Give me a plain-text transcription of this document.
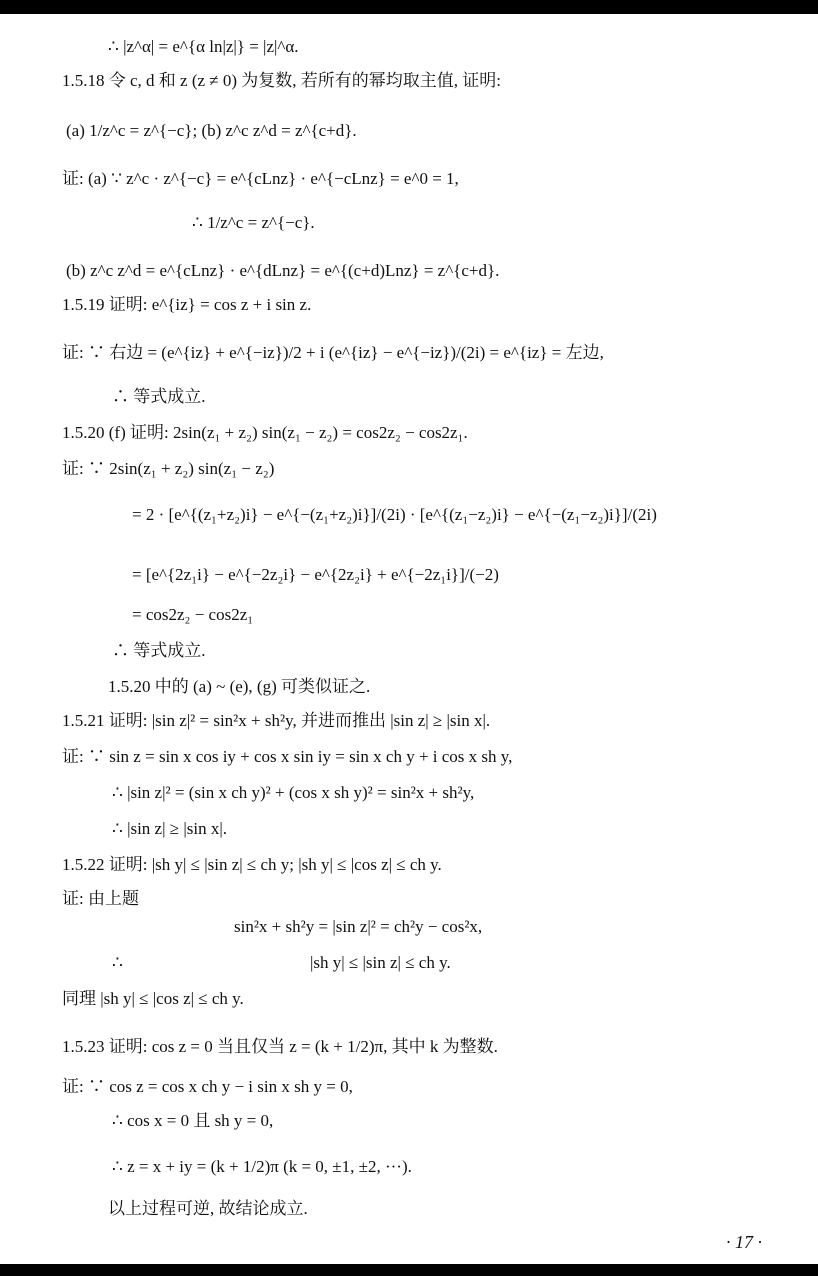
∴ |z^α| = e^{α ln|z|} = |z|^α.
1.5.18 令 c, d 和 z (z ≠ 0) 为复数, 若所有的幂均取主值, 证明:
(a) 1/z^c = z^{−c}; (b) z^c z^d = z^{c+d}.
证: (a) ∵ z^c · z^{−c} = e^{cLnz} · e^{−cLnz} = e^0 = 1,
∴ 1/z^c = z^{−c}.
(b) z^c z^d = e^{cLnz} · e^{dLnz} = e^{(c+d)Lnz} = z^{c+d}.
1.5.19 证明: e^{iz} = cos z + i sin z.
证: ∵ 右边 = (e^{iz} + e^{−iz})/2 + i (e^{iz} − e^{−iz})/(2i) = e^{iz} = 左边,
∴ 等式成立.
1.5.20 (f) 证明: 2sin(z₁ + z₂) sin(z₁ − z₂) = cos2z₂ − cos2z₁.
证: ∵ 2sin(z₁ + z₂) sin(z₁ − z₂)
= 2 · [e^{(z₁+z₂)i} − e^{−(z₁+z₂)i}]/(2i) · [e^{(z₁−z₂)i} − e^{−(z₁−z₂)i}]/(2i)
= [e^{2z₁i} − e^{−2z₂i} − e^{2z₂i} + e^{−2z₁i}]/(−2)
= cos2z₂ − cos2z₁
∴ 等式成立.
1.5.20 中的 (a) ~ (e), (g) 可类似证之.
1.5.21 证明: |sin z|² = sin²x + sh²y, 并进而推出 |sin z| ≥ |sin x|.
证: ∵ sin z = sin x cos iy + cos x sin iy = sin x ch y + i cos x sh y,
∴ |sin z|² = (sin x ch y)² + (cos x sh y)² = sin²x + sh²y,
∴ |sin z| ≥ |sin x|.
1.5.22 证明: |sh y| ≤ |sin z| ≤ ch y; |sh y| ≤ |cos z| ≤ ch y.
证: 由上题
sin²x + sh²y = |sin z|² = ch²y − cos²x,
∴	|sh y| ≤ |sin z| ≤ ch y.
同理 |sh y| ≤ |cos z| ≤ ch y.
1.5.23 证明: cos z = 0 当且仅当 z = (k + 1/2)π, 其中 k 为整数.
证: ∵ cos z = cos x ch y − i sin x sh y = 0,
∴ cos x = 0 且 sh y = 0,
∴ z = x + iy = (k + 1/2)π (k = 0, ±1, ±2, ···).
以上过程可逆, 故结论成立.
· 17 ·
